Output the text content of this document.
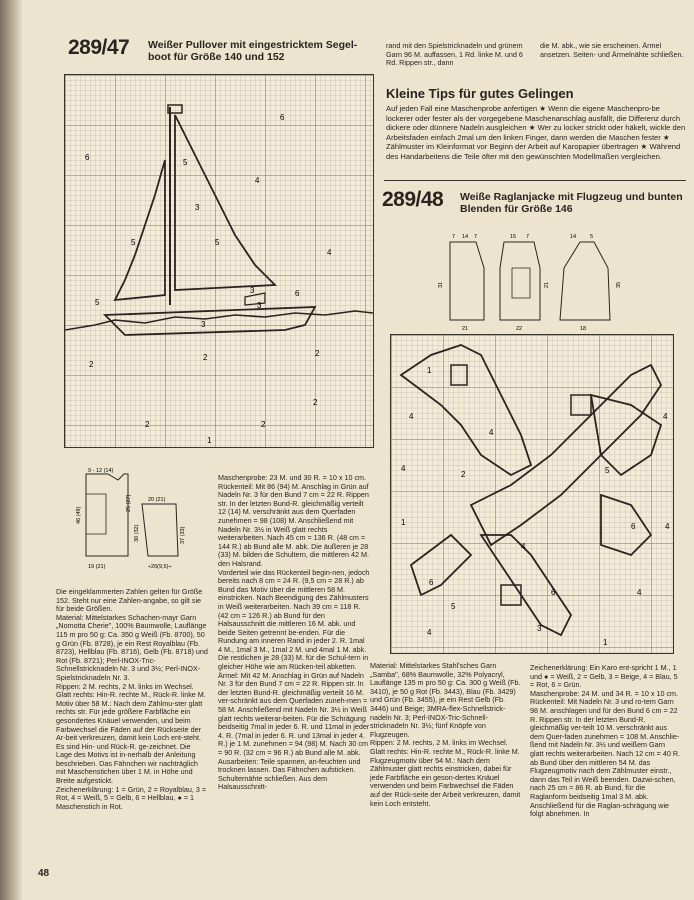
289/47 Weißer Pullover mit eingestricktem Segel-
boot für Größe 140 und 152
6
6
5
4
3
5
4
5
3
3
6
3
5
2	2
2
2	2
2
1
9 - 12 (14)
20 (21)
19 (21)	÷20(9,5)÷
25 (27)
30 (32)
46 (49)
37 (33)

Die eingeklammerten Zahlen gelten für Größe 152. Steht nur eine Zahlen-angabe, so gilt sie für beide Größen.

Material: Mittelstarkes Schachen-mayr Garn „Nomotta Cherie", 100% Baumwolle, Lauflänge 115 m pro 50 g: Ca. 350 g Weiß (Fb. 8700), 50 g Grün (Fb. 8728), je ein Rest Royalblau (Fb. 8723), Hellblau (Fb. 8716), Gelb (Fb. 8718) und Rot (Fb. 8721); Perl-INOX-Tric-Schnellstricknadeln Nr. 3 und 3½; Perl-INOX-Spielstricknadeln Nr. 3.

Rippen: 2 M. rechts, 2 M. links im Wechsel.

Glatt rechts: Hin-R. rechte M., Rück-R. linke M.

Motiv über 58 M.: Nach dem Zählmu-ster glatt rechts str. Für jede größere Farbfläche ein gesondertes Knäuel verwenden, und beim Farbwechsel die Fäden auf der Rückseite der Ar-beit verkreuzen, damit kein Loch ent-steht. Es sind Hin- und Rück-R. ge-zeichnet. Die Lage des Motivs ist in-nerhalb der Anleitung beschrieben. Das Fähnchen wir nachträglich mit Maschenstichen über 1 M. in Höhe und Breite aufgestickt.

Zeichenerklärung: 1 = Grün, 2 = Royalblau, 3 = Rot, 4 = Weiß, 5 = Gelb, 6 = Hellblau, ● = 1 Maschenstich in Rot.

Maschenprobe: 23 M. und 30 R. = 10 x 10 cm.

Rückenteil: Mit 86 (94) M. Anschlag in Grün auf Nadeln Nr. 3 für den Bund 7 cm = 22 R. Rippen str. In der letzten Bund-R. gleichmäßig verteilt 12 (14) M. verschränkt aus dem Querfaden zunehmen = 98 (108) M. Anschließend mit Nadeln Nr. 3½ in Weiß glatt rechts weiterarbeiten. Nach 45 cm = 136 R. (48 cm = 144 R.) ab Bund alle M. abk. Die äußeren je 28 (33) M. bilden die Schultern, die mittleren 42 M. den Halsrand.

Vorderteil wie das Rückenteil begin-nen, jedoch bereits nach 8 cm = 24 R. (9,5 cm = 28 R.) ab Bund das Motiv über die mittleren 58 M. einstricken. Nach Beendigung des Zählmusters in Weiß weiterarbeiten. Nach 39 cm = 118 R. (42 cm = 126 R.) ab Bund für den Halsausschnitt die mittleren 16 M. abk. und beide Seiten getrennt be-enden. Für die Rundung am inneren Rand in jeder 2. R. 1mal 4 M., 1mal 3 M., 1mal 2 M. und 4mal 1 M. abk. Die restlichen je 28 (33) M. für die Schul-tern in gleicher Höhe wie am Rücken-teil abketten.

Ärmel: Mit 42 M. Anschlag in Grün auf Nadeln Nr. 3 für den Bund 7 cm = 22 R. Rippen str. In der letzten Bund-R. gleichmäßig verteilt 16 M. ver-schränkt aus dem Querfaden zuneh-men = 58 M. Anschließend mit Nadeln Nr. 3½ in Weiß glatt rechts weiterar-beiten. Für die Schrägung beidseitig 7mal in jeder 6. R. und 11mal in jeder 4. R. (7mal in jeder 6. R. und 13mal in jeder 4. R.) je 1 M. zunehmen = 94 (98) M. Nach 30 cm = 90 R. (32 cm = 96 R.) ab Bund alle M. abk.

Ausarbeiten: Teile spannen, an-feuchten und trocknen lassen. Das Fähnchen aufsticken. Schulternähte schließen. Aus dem Halsausschnitt-

rand mit den Spielstricknadeln und grünem Garn 96 M. auffassen, 1 Rd. linke M. und 6 Rd. Rippen str., dann
die M. abk., wie sie erscheinen. Ärmel ansetzen. Seiten- und Ärmelnähte schließen.
Kleine Tips für gutes Gelingen
Auf jeden Fall eine Maschenprobe anfertigen ★ Wenn die eigene Maschenpro-be lockerer oder fester als der vorgegebene Maschenanschlag ausfällt, die Differenz durch dickere oder dünnere Nadeln ausgleichen ★ Wer zu locker strickt oder häkelt, wickle den Arbeitsfaden einfach 2mal um den linken Finger, dann werden die Maschen fester ★ Zählmuster im Kleinformat vor Beginn der Arbeit auf Karopapier übertragen ★ Während des Handarbeitens die Teile öfter mit den gewünschten Modellmaßen vergleichen.
289/48 Weiße Raglanjacke mit Flugzeug und bunten
Blenden für Größe 146
7 14 7	15 7	14	5
31
21	22
21	35
18
4	4
1
4
2
4
1
5
4
4
6
6
5
6
4
4
3
1

Material: Mittelstarkes Stahl'sches Garn „Samba", 68% Baumwolle, 32% Polyacryl, Lauflänge 135 m pro 50 g: Ca. 300 g Weiß (Fb. 3410), je 50 g Rot (Fb. 3443), Blau (Fb. 3429) und Grün (Fb. 3455), je ein Rest Gelb (Fb. 3446) und Beige; 3MRA-flex-Schnellstrick-nadeln Nr. 3; Perl-INOX-Tric-Schnell-stricknadeln Nr. 3½; fünf Knöpfe von Flugzeugen.

Rippen: 2 M. rechts, 2 M. links im Wechsel.

Glatt rechts: Hin-R. rechte M., Rück-R. linke M.

Flugzeugmotiv über 54 M.: Nach dem Zählmuster glatt rechts einstricken, dabei für jede Farbfläche ein geson-dertes Knäuel verwenden und beim Farbwechsel die Fäden auf der Rück-seite der Arbeit verkreuzen, damit kein Loch entsteht.

Zeichenerklärung: Ein Karo ent-spricht 1 M., 1 und ● = Weiß, 2 = Gelb, 3 = Beige, 4 = Blau, 5 = Rot, 6 = Grün.

Maschenprobe: 24 M. und 34 R. = 10 x 10 cm.

Rückenteil: Mit Nadeln Nr. 3 und ro-tem Garn 98 M. anschlagen und für den Bund 6 cm = 22 R. Rippen str. In der letzten Bund-R. gleichmäßig ver-teilt 10 M. verschränkt aus dem Quer-faden zunehmen = 108 M. Anschlie-ßend mit Nadeln Nr. 3½ und weißem Garn glatt rechts weiterarbeiten. Nach 12 cm = 40 R. ab Bund über den mittleren 54 M. das Flugzeugmotiv nach dem Zählmuster einstr., dann das Teil in Weiß beenden. Dazwi-schen, nach 25 cm = 86 R. ab Bund, für die Raglanform beidseitig 1mal 3 M. abk. Anschließend für die Raglan-schrägung wie folgt abnehmen. In

48
